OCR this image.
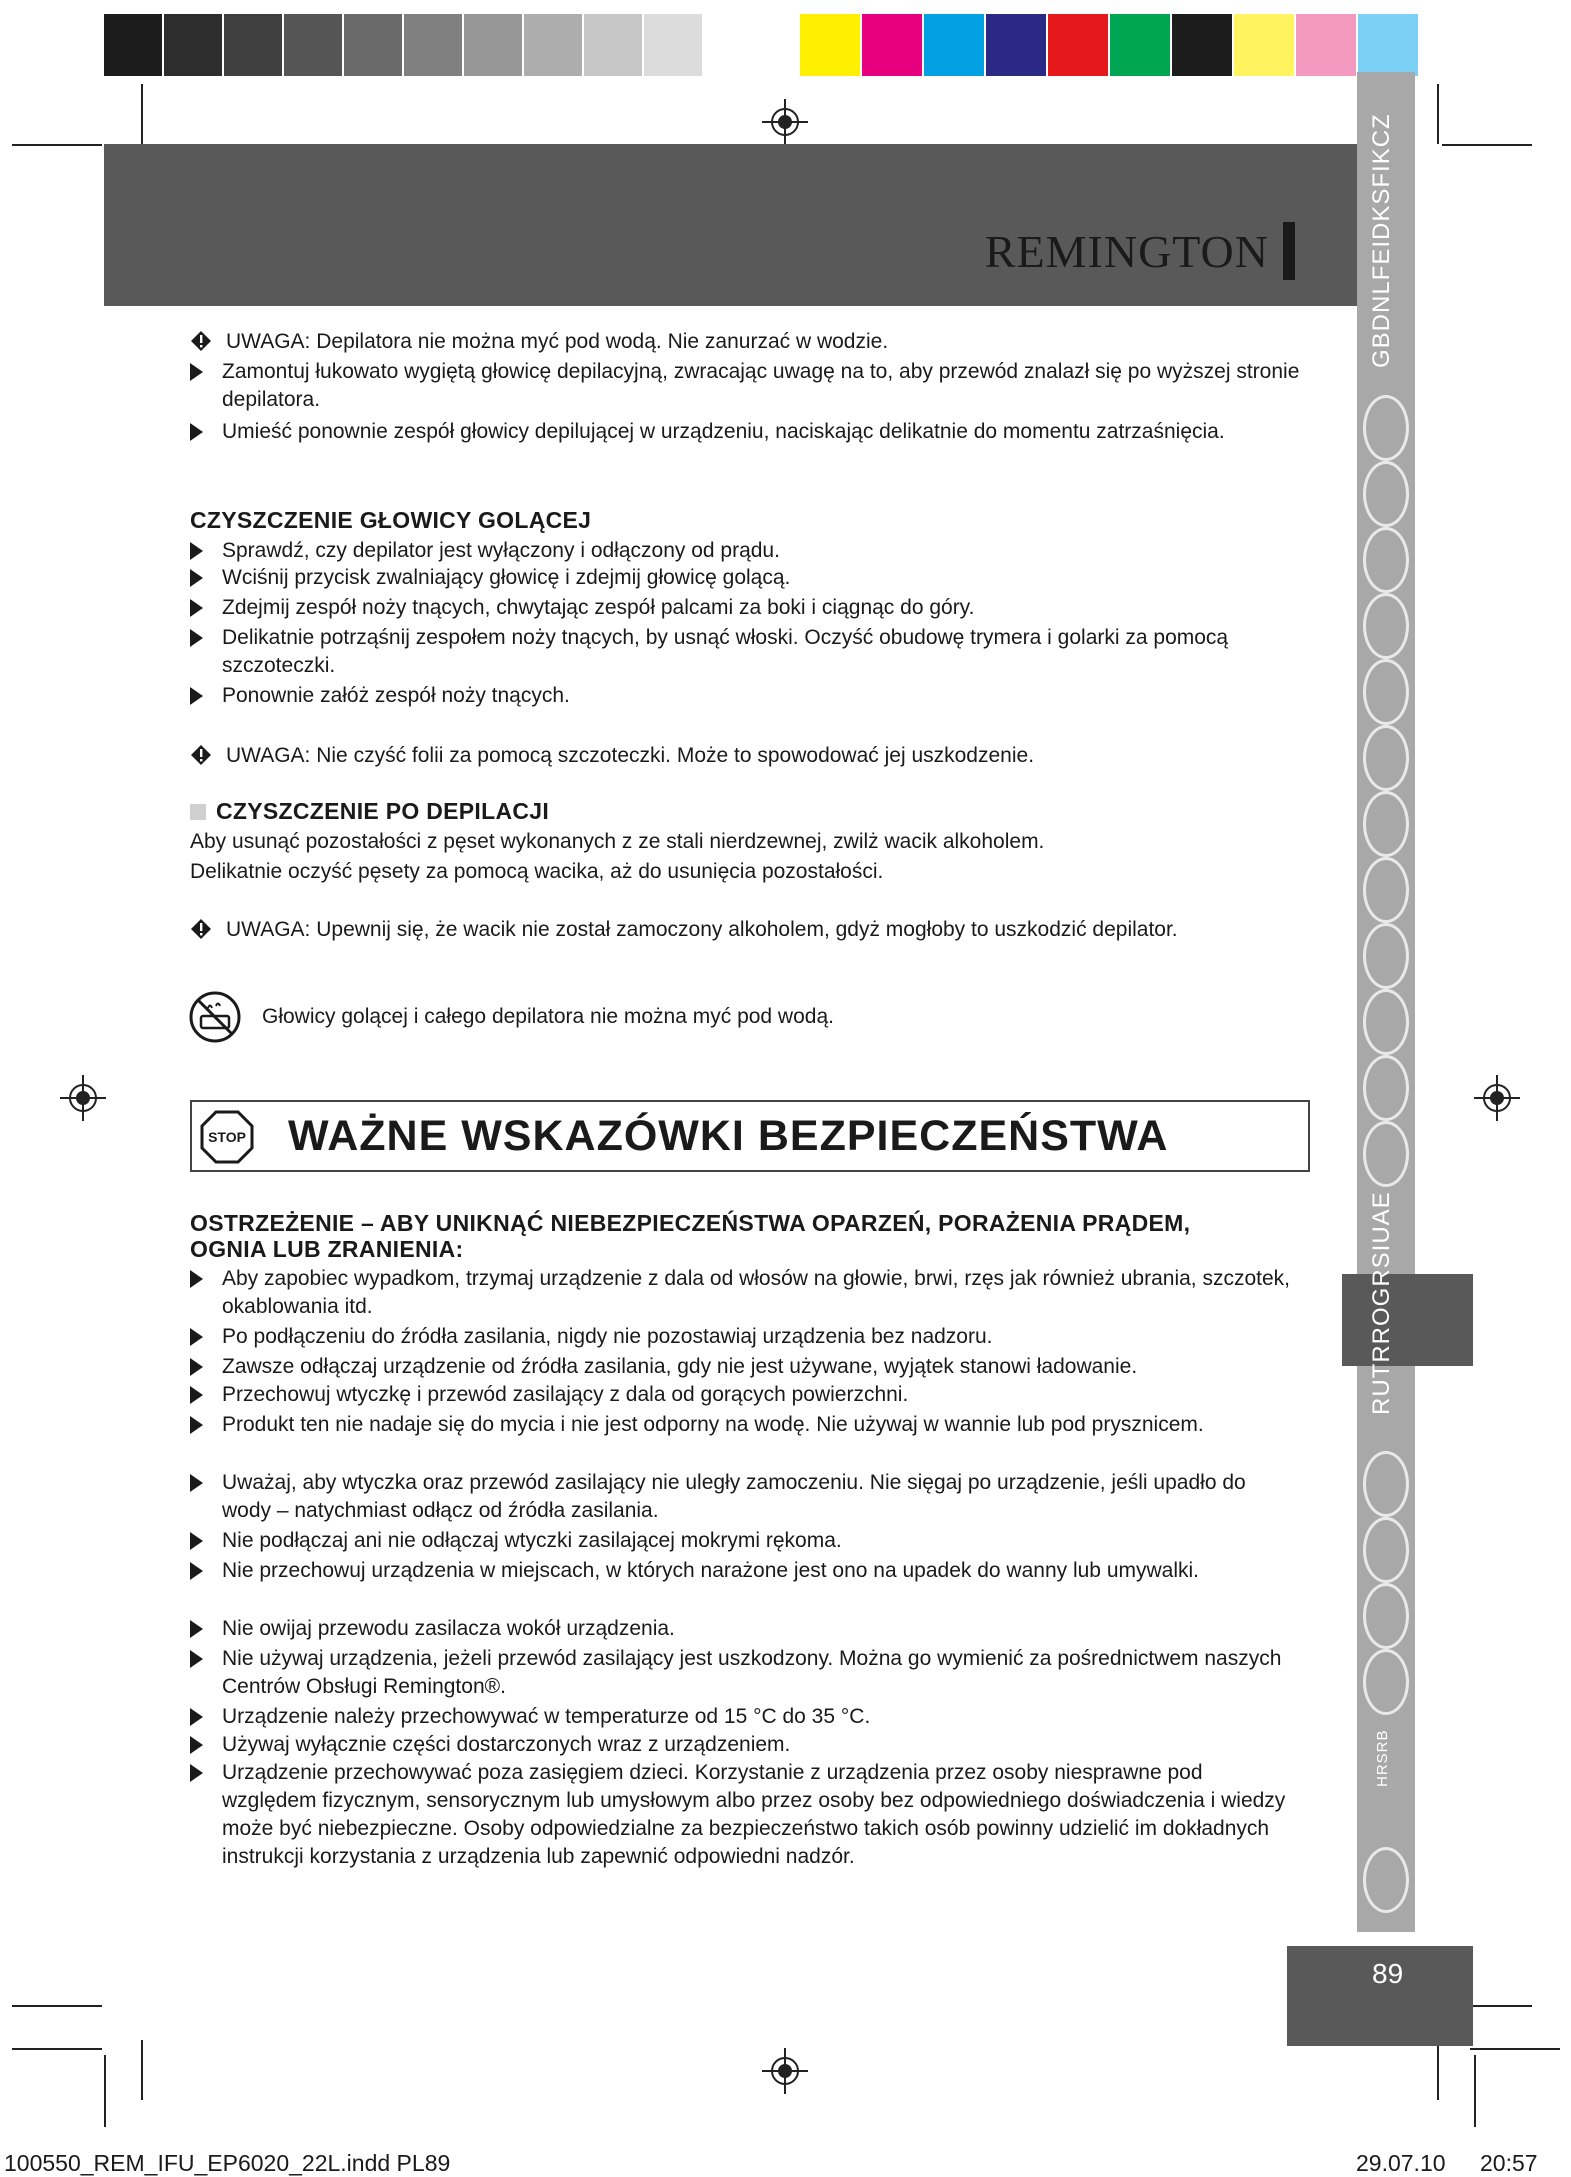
REMINGTON	GBDNLFEIDKSFIKCZ
RUTRROGRSIUAE
HRSRB
89
UWAGA: Depilatora nie można myć pod wodą. Nie zanurzać w wodzie.
Zamontuj łukowato wygiętą głowicę depilacyjną, zwracając uwagę na to, aby przewód znalazł się po wyższej stronie depilatora.
Umieść ponownie zespół głowicy depilującej w urządzeniu, naciskając delikatnie do momentu zatrzaśnięcia.
CZYSZCZENIE GŁOWICY GOLĄCEJ
Sprawdź, czy depilator jest wyłączony i odłączony od prądu.
Wciśnij przycisk zwalniający głowicę i zdejmij głowicę golącą.
Zdejmij zespół noży tnących, chwytając zespół palcami za boki i ciągnąc do góry.
Delikatnie potrząśnij zespołem noży tnących, by usnąć włoski. Oczyść obudowę trymera i golarki za pomocą szczoteczki.
Ponownie załóż zespół noży tnących.
UWAGA: Nie czyść folii za pomocą szczoteczki. Może to spowodować jej uszkodzenie.
CZYSZCZENIE PO DEPILACJI
Aby usunąć pozostałości z pęset wykonanych z ze stali nierdzewnej, zwilż wacik alkoholem.
Delikatnie oczyść pęsety za pomocą wacika, aż do usunięcia pozostałości.
UWAGA: Upewnij się, że wacik nie został zamoczony alkoholem, gdyż mogłoby to uszkodzić depilator.
Głowicy golącej i całego depilatora nie można myć pod wodą.
STOP WAŻNE WSKAZÓWKI BEZPIECZEŃSTWA
OSTRZEŻENIE – ABY UNIKNĄĆ NIEBEZPIECZEŃSTWA OPARZEŃ, PORAŻENIA PRĄDEM, OGNIA LUB ZRANIENIA:
Aby zapobiec wypadkom, trzymaj urządzenie z dala od włosów na głowie, brwi, rzęs jak również ubrania, szczotek, okablowania itd.
Po podłączeniu do źródła zasilania, nigdy nie pozostawiaj urządzenia bez nadzoru.
Zawsze odłączaj urządzenie od źródła zasilania, gdy nie jest używane, wyjątek stanowi ładowanie.
Przechowuj wtyczkę i przewód zasilający z dala od gorących powierzchni.
Produkt ten nie nadaje się do mycia i nie jest odporny na wodę. Nie używaj w wannie lub pod prysznicem.
Uważaj, aby wtyczka oraz przewód zasilający nie uległy zamoczeniu. Nie sięgaj po urządzenie, jeśli upadło do wody – natychmiast odłącz od źródła zasilania.
Nie podłączaj ani nie odłączaj wtyczki zasilającej mokrymi rękoma.
Nie przechowuj urządzenia w miejscach, w których narażone jest ono na upadek do wanny lub umywalki.
Nie owijaj przewodu zasilacza wokół urządzenia.
Nie używaj urządzenia, jeżeli przewód zasilający jest uszkodzony. Można go wymienić za pośrednictwem naszych Centrów Obsługi Remington®.
Urządzenie należy przechowywać w temperaturze od 15 °C do 35 °C.
Używaj wyłącznie części dostarczonych wraz z urządzeniem.
Urządzenie przechowywać poza zasięgiem dzieci. Korzystanie z urządzenia przez osoby niesprawne pod względem fizycznym, sensorycznym lub umysłowym albo przez osoby bez odpowiedniego doświadczenia i wiedzy może być niebezpieczne. Osoby odpowiedzialne za bezpieczeństwo takich osób powinny udzielić im dokładnych instrukcji korzystania z urządzenia lub zapewnić odpowiedni nadzór.
100550_REM_IFU_EP6020_22L.indd PL89	29.07.10 20:57
